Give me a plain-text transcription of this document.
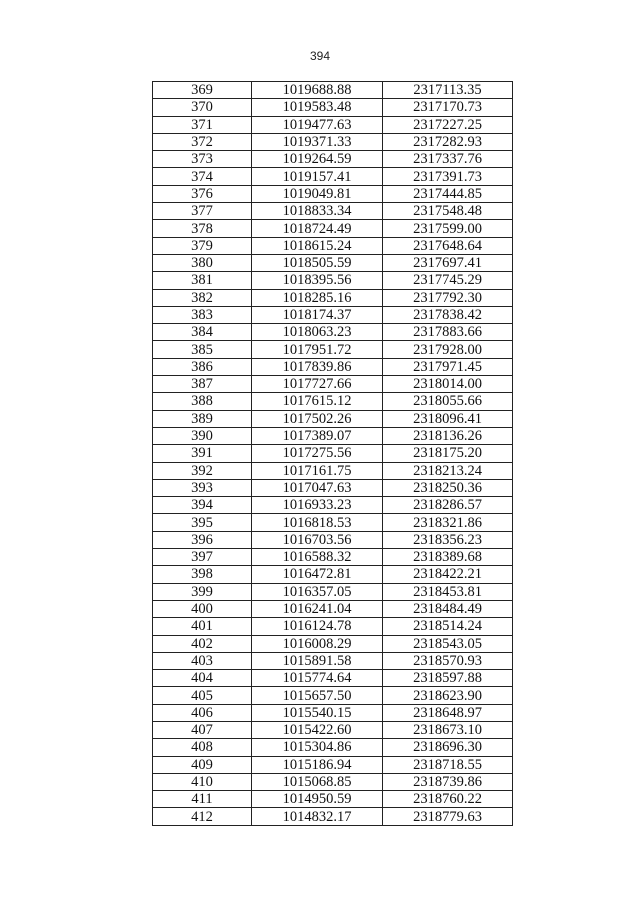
394
369	1019688.88	2317113.35
370	1019583.48	2317170.73
371	1019477.63	2317227.25
372	1019371.33	2317282.93
373	1019264.59	2317337.76
374	1019157.41	2317391.73
376	1019049.81	2317444.85
377	1018833.34	2317548.48
378	1018724.49	2317599.00
379	1018615.24	2317648.64
380	1018505.59	2317697.41
381	1018395.56	2317745.29
382	1018285.16	2317792.30
383	1018174.37	2317838.42
384	1018063.23	2317883.66
385	1017951.72	2317928.00
386	1017839.86	2317971.45
387	1017727.66	2318014.00
388	1017615.12	2318055.66
389	1017502.26	2318096.41
390	1017389.07	2318136.26
391	1017275.56	2318175.20
392	1017161.75	2318213.24
393	1017047.63	2318250.36
394	1016933.23	2318286.57
395	1016818.53	2318321.86
396	1016703.56	2318356.23
397	1016588.32	2318389.68
398	1016472.81	2318422.21
399	1016357.05	2318453.81
400	1016241.04	2318484.49
401	1016124.78	2318514.24
402	1016008.29	2318543.05
403	1015891.58	2318570.93
404	1015774.64	2318597.88
405	1015657.50	2318623.90
406	1015540.15	2318648.97
407	1015422.60	2318673.10
408	1015304.86	2318696.30
409	1015186.94	2318718.55
410	1015068.85	2318739.86
411	1014950.59	2318760.22
412	1014832.17	2318779.63
